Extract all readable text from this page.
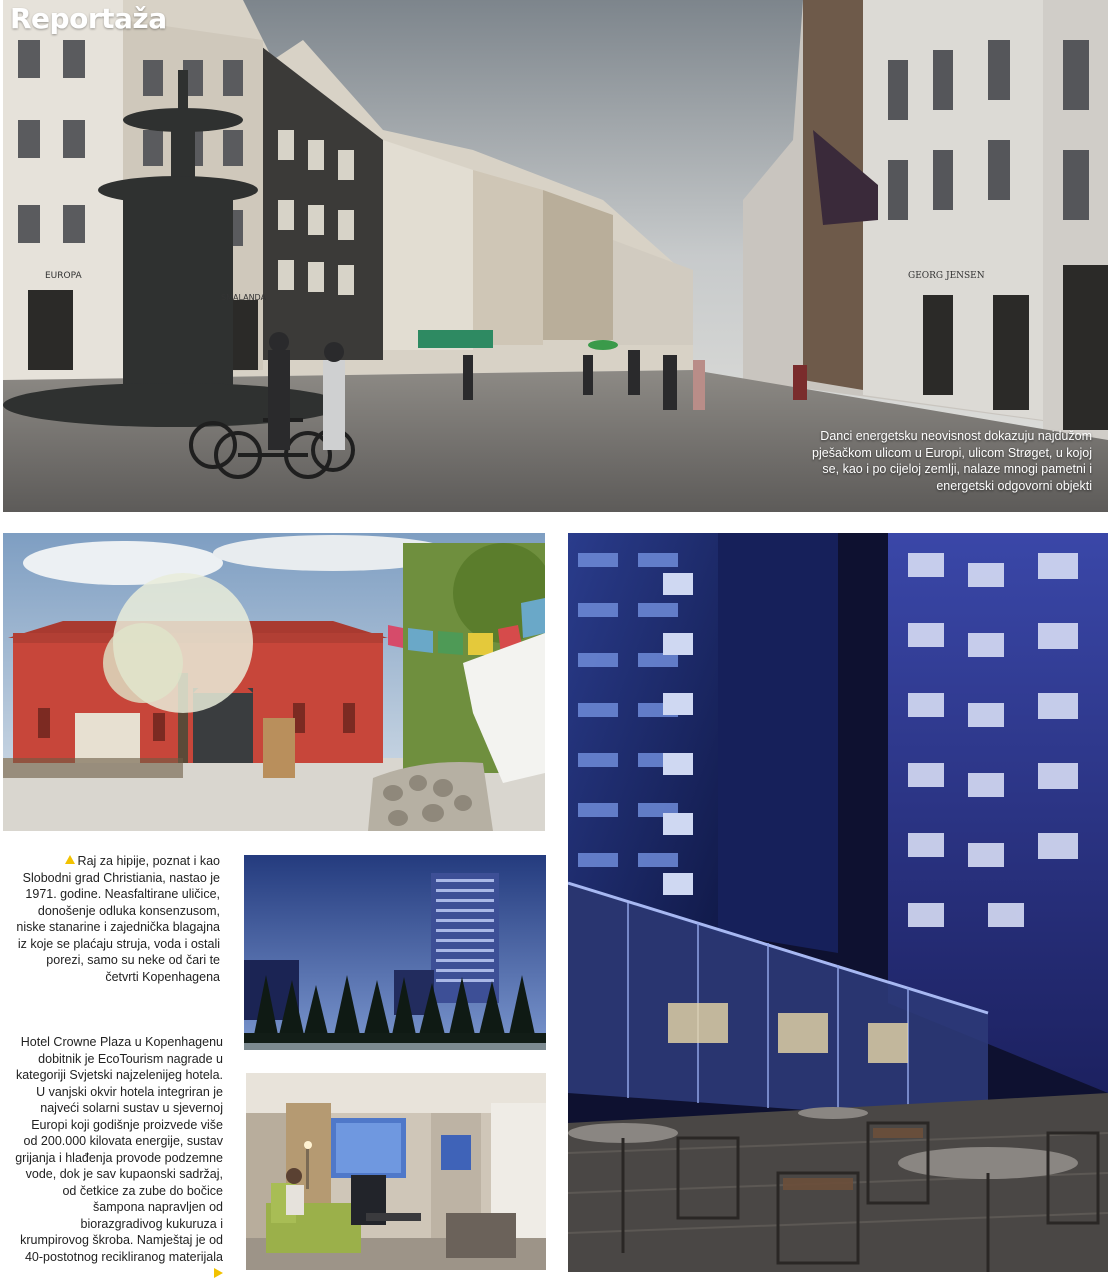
EUROPA
SMALANDA
GEORG JENSEN
Reportaža
Danci energetsku neovisnost dokazuju najdužom pješačkom ulicom u Europi, ulicom Strøget, u kojoj se, kao i po cijeloj zemlji, nalaze mnogi pametni i energetski odgovorni objekti
Raj za hipije, poznat i kao Slobodni grad Christiania, nastao je 1971. godine. Neasfaltirane uličice, donošenje odluka konsenzusom, niske stanarine i zajednička blagajna iz koje se plaćaju struja, voda i ostali porezi, samo su neke od čari te četvrti Kopenhagena
Hotel Crowne Plaza u Kopenhagenu dobitnik je EcoTourism nagrade u kategoriji Svjetski najzelenijeg hotela. U vanjski okvir hotela integriran je najveći solarni sustav u sjevernoj Europi koji godišnje proizvede više od 200.000 kilovata energije, sustav grijanja i hlađenja provode podzemne vode, dok je sav kupaonski sadržaj, od četkice za zube do bočice šampona napravljen od biorazgradivog kukuruza i krumpirovog škroba. Namještaj je od 40-postotnog recikliranog materijala
